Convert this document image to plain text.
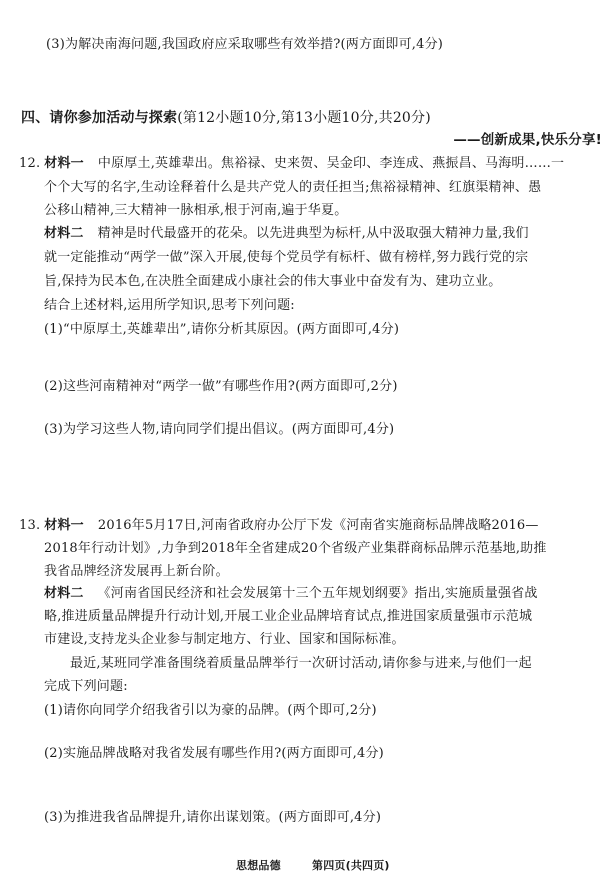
(3)为解决南海问题,我国政府应采取哪些有效举措?(两方面即可,4分)
四、请你参加活动与探索(第12小题10分,第13小题10分,共20分)
——创新成果,快乐分享!
12. 材料一 中原厚土,英雄辈出。焦裕禄、史来贺、吴金印、李连成、燕振昌、马海明……一
个个大写的名字,生动诠释着什么是共产党人的责任担当;焦裕禄精神、红旗渠精神、愚
公移山精神,三大精神一脉相承,根于河南,遍于华夏。
材料二 精神是时代最盛开的花朵。以先进典型为标杆,从中汲取强大精神力量,我们
就一定能推动“两学一做”深入开展,使每个党员学有标杆、做有榜样,努力践行党的宗
旨,保持为民本色,在决胜全面建成小康社会的伟大事业中奋发有为、建功立业。
结合上述材料,运用所学知识,思考下列问题:
(1)“中原厚土,英雄辈出”,请你分析其原因。(两方面即可,4分)
(2)这些河南精神对“两学一做”有哪些作用?(两方面即可,2分)
(3)为学习这些人物,请向同学们提出倡议。(两方面即可,4分)
13. 材料一 2016年5月17日,河南省政府办公厅下发《河南省实施商标品牌战略2016—
2018年行动计划》,力争到2018年全省建成20个省级产业集群商标品牌示范基地,助推
我省品牌经济发展再上新台阶。
材料二 《河南省国民经济和社会发展第十三个五年规划纲要》指出,实施质量强省战
略,推进质量品牌提升行动计划,开展工业企业品牌培育试点,推进国家质量强市示范城
市建设,支持龙头企业参与制定地方、行业、国家和国际标准。
最近,某班同学准备围绕着质量品牌举行一次研讨活动,请你参与进来,与他们一起
完成下列问题:
(1)请你向同学介绍我省引以为豪的品牌。(两个即可,2分)
(2)实施品牌战略对我省发展有哪些作用?(两方面即可,4分)
(3)为推进我省品牌提升,请你出谋划策。(两方面即可,4分)
思想品德	第四页(共四页)
